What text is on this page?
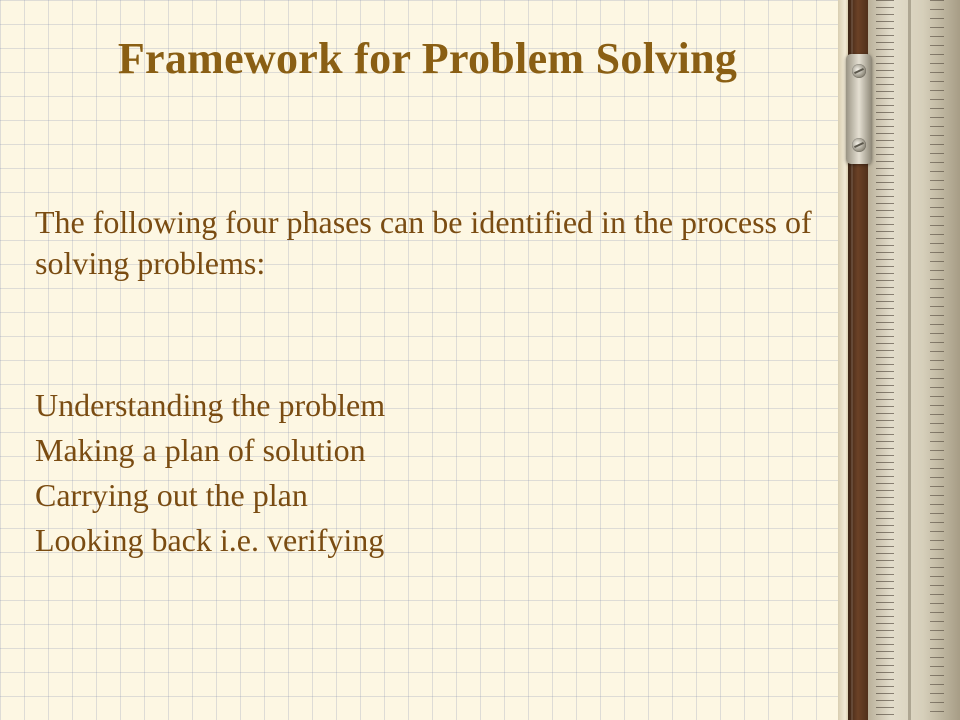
Framework for Problem Solving

The following four phases can be identified in the process of solving problems:

Understanding the problem
Making a plan of solution
Carrying out the plan
Looking back i.e. verifying
